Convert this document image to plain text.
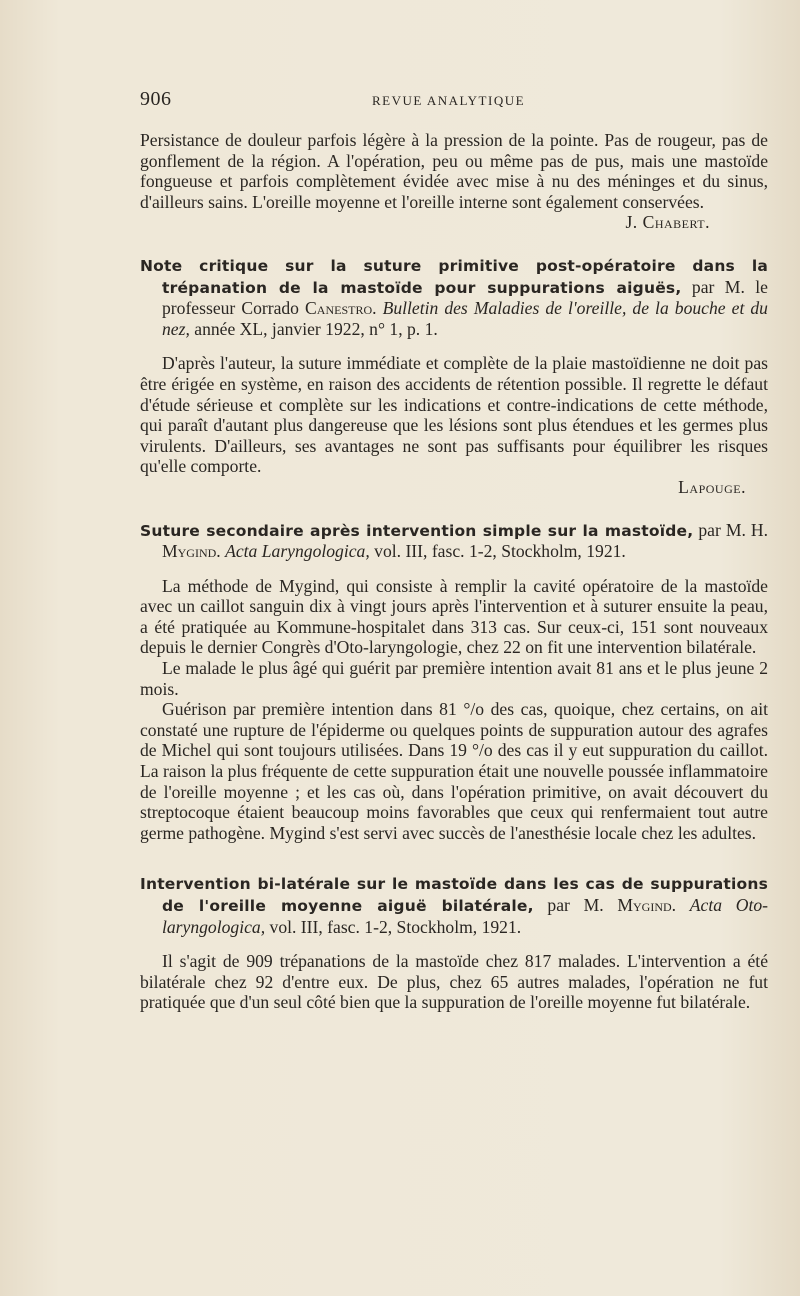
906	REVUE ANALYTIQUE

Persistance de douleur parfois légère à la pression de la pointe. Pas de rougeur, pas de gonflement de la région. A l'opération, peu ou même pas de pus, mais une mastoïde fongueuse et parfois complètement évidée avec mise à nu des méninges et du sinus, d'ailleurs sains. L'oreille moyenne et l'oreille interne sont également conservées.

J. Chabert.

Note critique sur la suture primitive post-opératoire dans la trépanation de la mastoïde pour suppurations aiguës, par M. le professeur Corrado Canestro. Bulletin des Maladies de l'oreille, de la bouche et du nez, année XL, janvier 1922, n° 1, p. 1.

D'après l'auteur, la suture immédiate et complète de la plaie mastoïdienne ne doit pas être érigée en système, en raison des accidents de rétention possible. Il regrette le défaut d'étude sérieuse et complète sur les indications et contre-indications de cette méthode, qui paraît d'autant plus dangereuse que les lésions sont plus étendues et les germes plus virulents. D'ailleurs, ses avantages ne sont pas suffisants pour équilibrer les risques qu'elle comporte.

Lapouge.

Suture secondaire après intervention simple sur la mastoïde, par M. H. Mygind. Acta Laryngologica, vol. III, fasc. 1-2, Stockholm, 1921.

La méthode de Mygind, qui consiste à remplir la cavité opératoire de la mastoïde avec un caillot sanguin dix à vingt jours après l'intervention et à suturer ensuite la peau, a été pratiquée au Kommune-hospitalet dans 313 cas. Sur ceux-ci, 151 sont nouveaux depuis le dernier Congrès d'Oto-laryngologie, chez 22 on fit une intervention bilatérale.

Le malade le plus âgé qui guérit par première intention avait 81 ans et le plus jeune 2 mois.

Guérison par première intention dans 81 °/o des cas, quoique, chez certains, on ait constaté une rupture de l'épiderme ou quelques points de suppuration autour des agrafes de Michel qui sont toujours utilisées. Dans 19 °/o des cas il y eut suppuration du caillot. La raison la plus fréquente de cette suppuration était une nouvelle poussée inflammatoire de l'oreille moyenne ; et les cas où, dans l'opération primitive, on avait découvert du streptocoque étaient beaucoup moins favorables que ceux qui renfermaient tout autre germe pathogène. Mygind s'est servi avec succès de l'anesthésie locale chez les adultes.

Intervention bi-latérale sur le mastoïde dans les cas de suppurations de l'oreille moyenne aiguë bilatérale, par M. Mygind. Acta Oto-laryngologica, vol. III, fasc. 1-2, Stockholm, 1921.

Il s'agit de 909 trépanations de la mastoïde chez 817 malades. L'intervention a été bilatérale chez 92 d'entre eux. De plus, chez 65 autres malades, l'opération ne fut pratiquée que d'un seul côté bien que la suppuration de l'oreille moyenne fut bilatérale.
